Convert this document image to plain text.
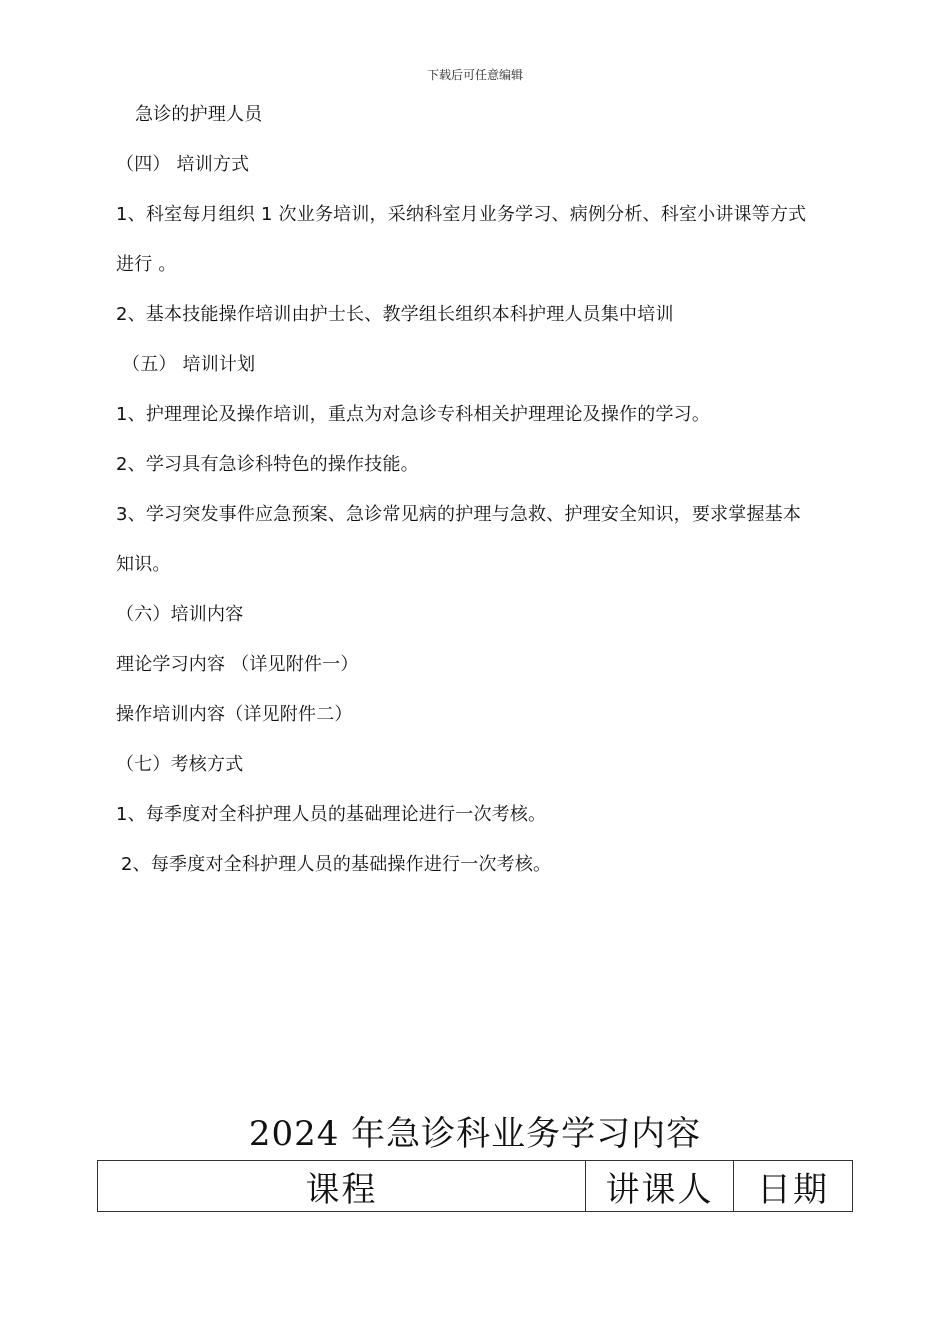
下载后可任意编辑
急诊的护理人员
（四） 培训方式
1、科室每月组织 1 次业务培训，采纳科室月业务学习、病例分析、科室小讲课等方式
进行 。
2、基本技能操作培训由护士长、教学组长组织本科护理人员集中培训
（五） 培训计划
1、护理理论及操作培训，重点为对急诊专科相关护理理论及操作的学习。
2、学习具有急诊科特色的操作技能。
3、学习突发事件应急预案、急诊常见病的护理与急救、护理安全知识，要求掌握基本
知识。
（六）培训内容
理论学习内容 （详见附件一）
操作培训内容（详见附件二）
（七）考核方式
1、每季度对全科护理人员的基础理论进行一次考核。
2、每季度对全科护理人员的基础操作进行一次考核。
2024 年急诊科业务学习内容
课程	讲课人	日期
